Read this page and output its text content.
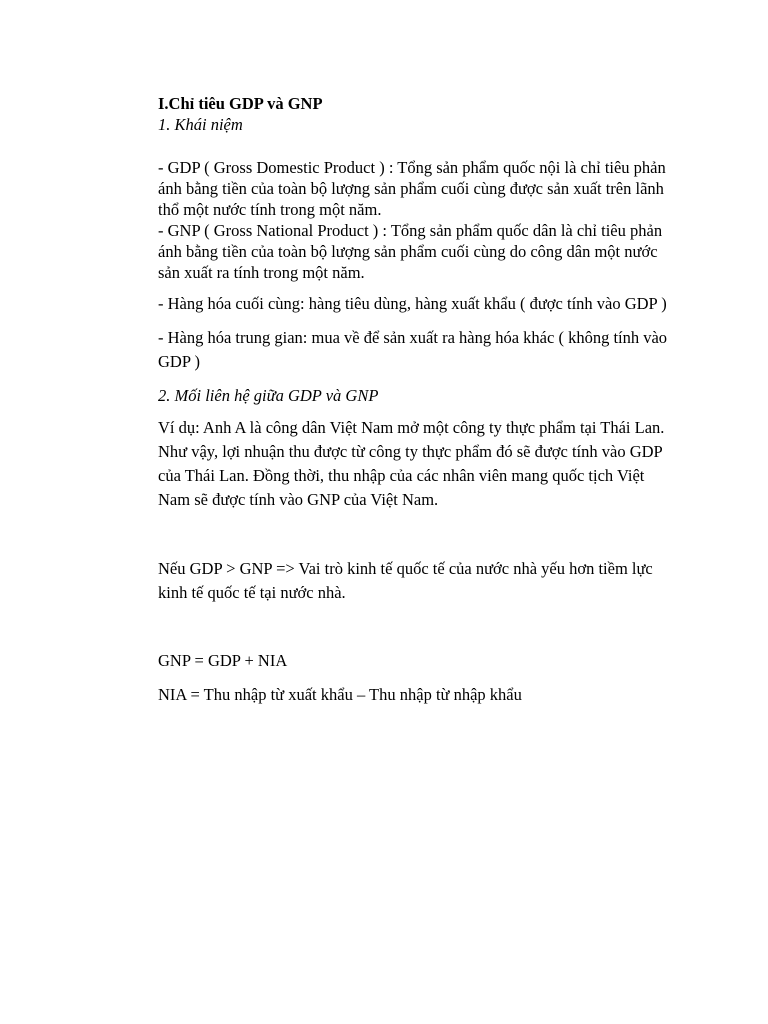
I.Chỉ tiêu GDP và GNP

1. Khái niệm

- GDP ( Gross Domestic Product ) : Tổng sản phẩm quốc nội là chỉ tiêu phản ánh bằng tiền của toàn bộ lượng sản phẩm cuối cùng được sản xuất trên lãnh thổ một nước tính trong một năm.

- GNP ( Gross National Product ) : Tổng sản phẩm quốc dân là chỉ tiêu phản ánh bằng tiền của toàn bộ lượng sản phẩm cuối cùng do công dân một nước sản xuất ra tính trong một năm.

- Hàng hóa cuối cùng: hàng tiêu dùng, hàng xuất khẩu ( được tính vào GDP )

- Hàng hóa trung gian: mua về để sản xuất ra hàng hóa khác ( không tính vào GDP )

2. Mối liên hệ giữa GDP và GNP

Ví dụ: Anh A là công dân Việt Nam mở một công ty thực phẩm tại Thái Lan. Như vậy, lợi nhuận thu được từ công ty thực phẩm đó sẽ được tính vào GDP của Thái Lan. Đồng thời, thu nhập của các nhân viên mang quốc tịch Việt Nam sẽ được tính vào GNP của Việt Nam.

Nếu GDP > GNP => Vai trò kinh tế quốc tế của nước nhà yếu hơn tiềm lực kinh tế quốc tế tại nước nhà.

GNP = GDP + NIA

NIA = Thu nhập từ xuất khẩu – Thu nhập từ nhập khẩu
